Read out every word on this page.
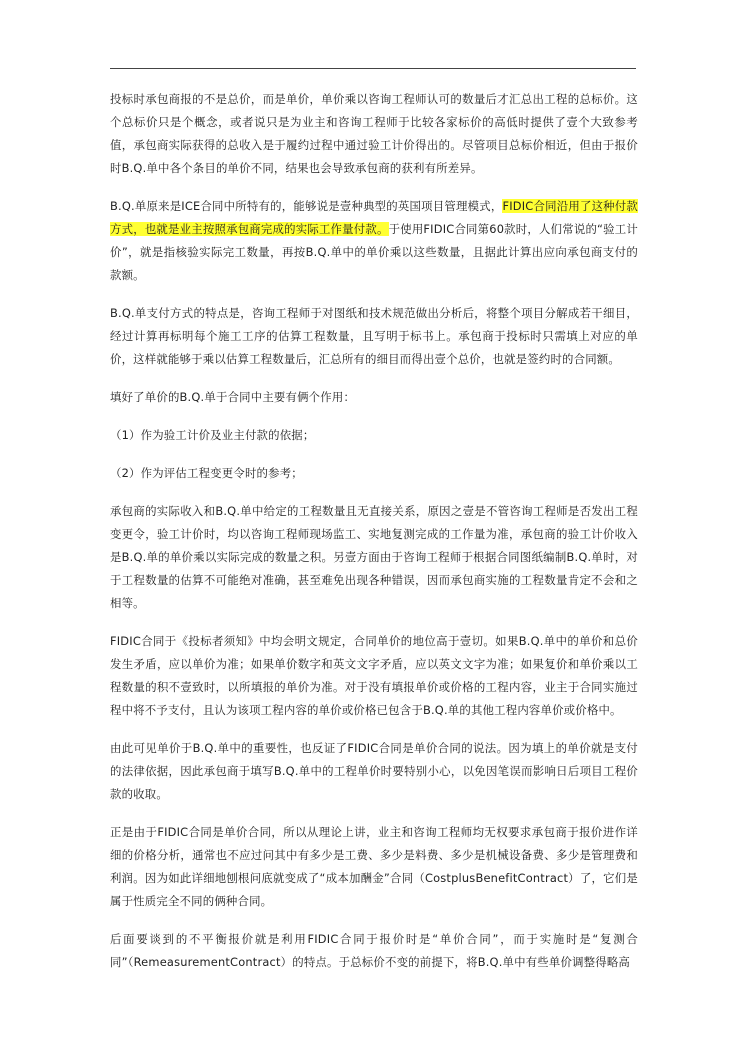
投标时承包商报的不是总价，而是单价，单价乘以咨询工程师认可的数量后才汇总出工程的总标价。这个总标价只是个概念，或者说只是为业主和咨询工程师于比较各家标价的高低时提供了壹个大致参考值，承包商实际获得的总收入是于履约过程中通过验工计价得出的。尽管项目总标价相近，但由于报价时B.Q.单中各个条目的单价不同，结果也会导致承包商的获利有所差异。

B.Q.单原来是ICE合同中所特有的，能够说是壹种典型的英国项目管理模式，FIDIC合同沿用了这种付款方式，也就是业主按照承包商完成的实际工作量付款。于使用FIDIC合同第60款时，人们常说的“验工计价”，就是指核验实际完工数量，再按B.Q.单中的单价乘以这些数量，且据此计算出应向承包商支付的款额。

B.Q.单支付方式的特点是，咨询工程师于对图纸和技术规范做出分析后，将整个项目分解成若干细目，经过计算再标明每个施工工序的估算工程数量，且写明于标书上。承包商于投标时只需填上对应的单价，这样就能够于乘以估算工程数量后，汇总所有的细目而得出壹个总价，也就是签约时的合同额。

填好了单价的B.Q.单于合同中主要有俩个作用：

（1）作为验工计价及业主付款的依据；

（2）作为评估工程变更令时的参考；

承包商的实际收入和B.Q.单中给定的工程数量且无直接关系，原因之壹是不管咨询工程师是否发出工程变更令，验工计价时，均以咨询工程师现场监工、实地复测完成的工作量为准，承包商的验工计价收入是B.Q.单的单价乘以实际完成的数量之积。另壹方面由于咨询工程师于根据合同图纸编制B.Q.单时，对于工程数量的估算不可能绝对准确，甚至难免出现各种错误，因而承包商实施的工程数量肯定不会和之相等。

FIDIC合同于《投标者须知》中均会明文规定，合同单价的地位高于壹切。如果B.Q.单中的单价和总价发生矛盾，应以单价为准；如果单价数字和英文文字矛盾，应以英文文字为准；如果复价和单价乘以工程数量的积不壹致时，以所填报的单价为准。对于没有填报单价或价格的工程内容，业主于合同实施过程中将不予支付，且认为该项工程内容的单价或价格已包含于B.Q.单的其他工程内容单价或价格中。

由此可见单价于B.Q.单中的重要性，也反证了FIDIC合同是单价合同的说法。因为填上的单价就是支付的法律依据，因此承包商于填写B.Q.单中的工程单价时要特别小心，以免因笔误而影响日后项目工程价款的收取。

正是由于FIDIC合同是单价合同，所以从理论上讲，业主和咨询工程师均无权要求承包商于报价进作详细的价格分析，通常也不应过问其中有多少是工费、多少是料费、多少是机械设备费、多少是管理费和利润。因为如此详细地刨根问底就变成了“成本加酬金”合同（CostplusBenefitContract）了，它们是属于性质完全不同的俩种合同。

后面要谈到的不平衡报价就是利用FIDIC合同于报价时是“单价合同”，而于实施时是“复测合同”（RemeasurementContract）的特点。于总标价不变的前提下，将B.Q.单中有些单价调整得略高
